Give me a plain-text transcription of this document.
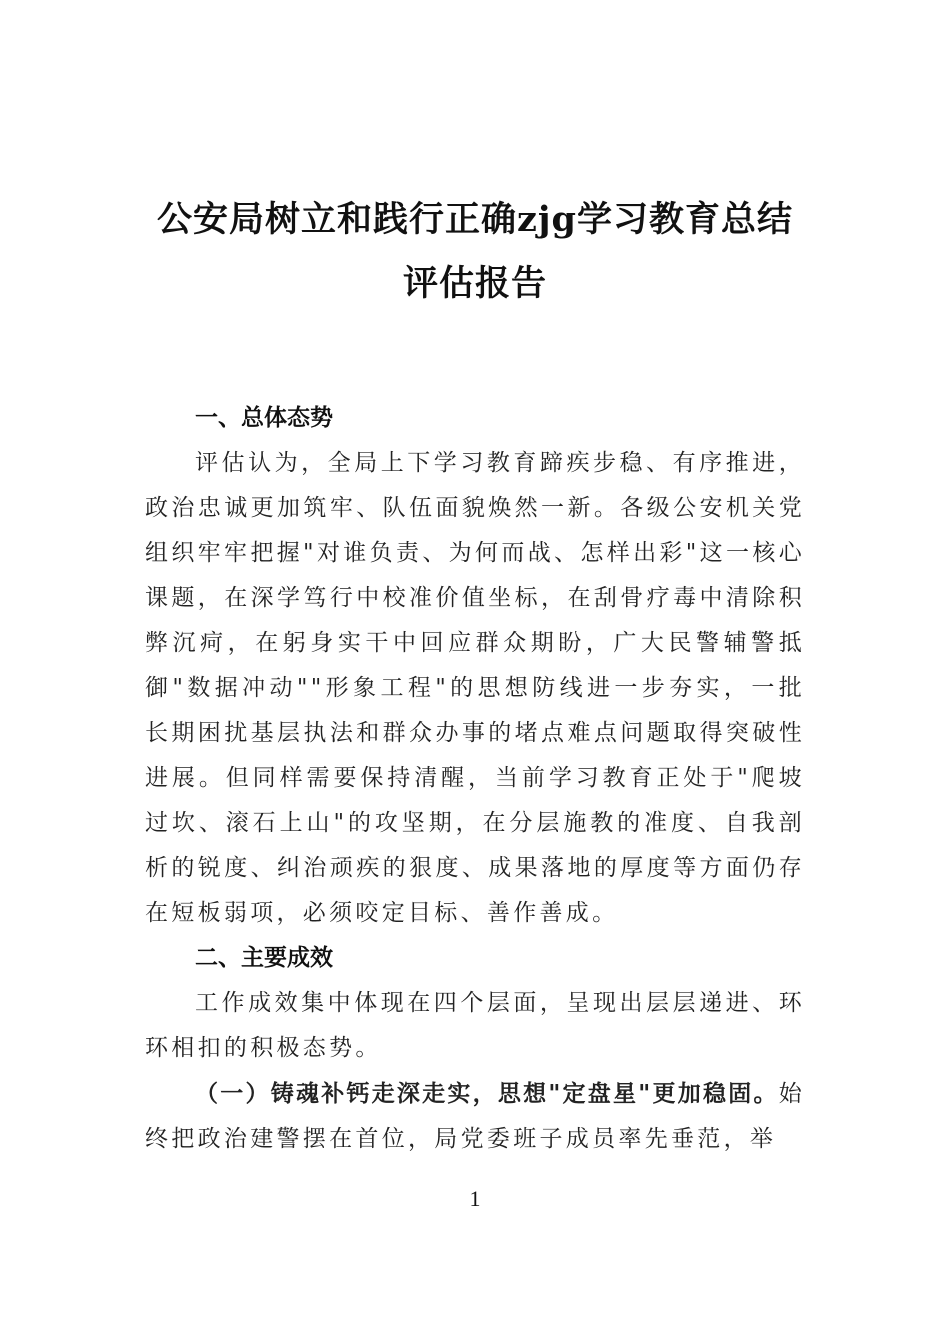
公安局树立和践行正确zjg学习教育总结评估报告

一、总体态势

评估认为，全局上下学习教育蹄疾步稳、有序推进，政治忠诚更加筑牢、队伍面貌焕然一新。各级公安机关党组织牢牢把握"对谁负责、为何而战、怎样出彩"这一核心课题，在深学笃行中校准价值坐标，在刮骨疗毒中清除积弊沉疴，在躬身实干中回应群众期盼，广大民警辅警抵御"数据冲动""形象工程"的思想防线进一步夯实，一批长期困扰基层执法和群众办事的堵点难点问题取得突破性进展。但同样需要保持清醒，当前学习教育正处于"爬坡过坎、滚石上山"的攻坚期，在分层施教的准度、自我剖析的锐度、纠治顽疾的狠度、成果落地的厚度等方面仍存在短板弱项，必须咬定目标、善作善成。

二、主要成效

工作成效集中体现在四个层面，呈现出层层递进、环环相扣的积极态势。

（一）铸魂补钙走深走实，思想"定盘星"更加稳固。始终把政治建警摆在首位，局党委班子成员率先垂范，举

1
